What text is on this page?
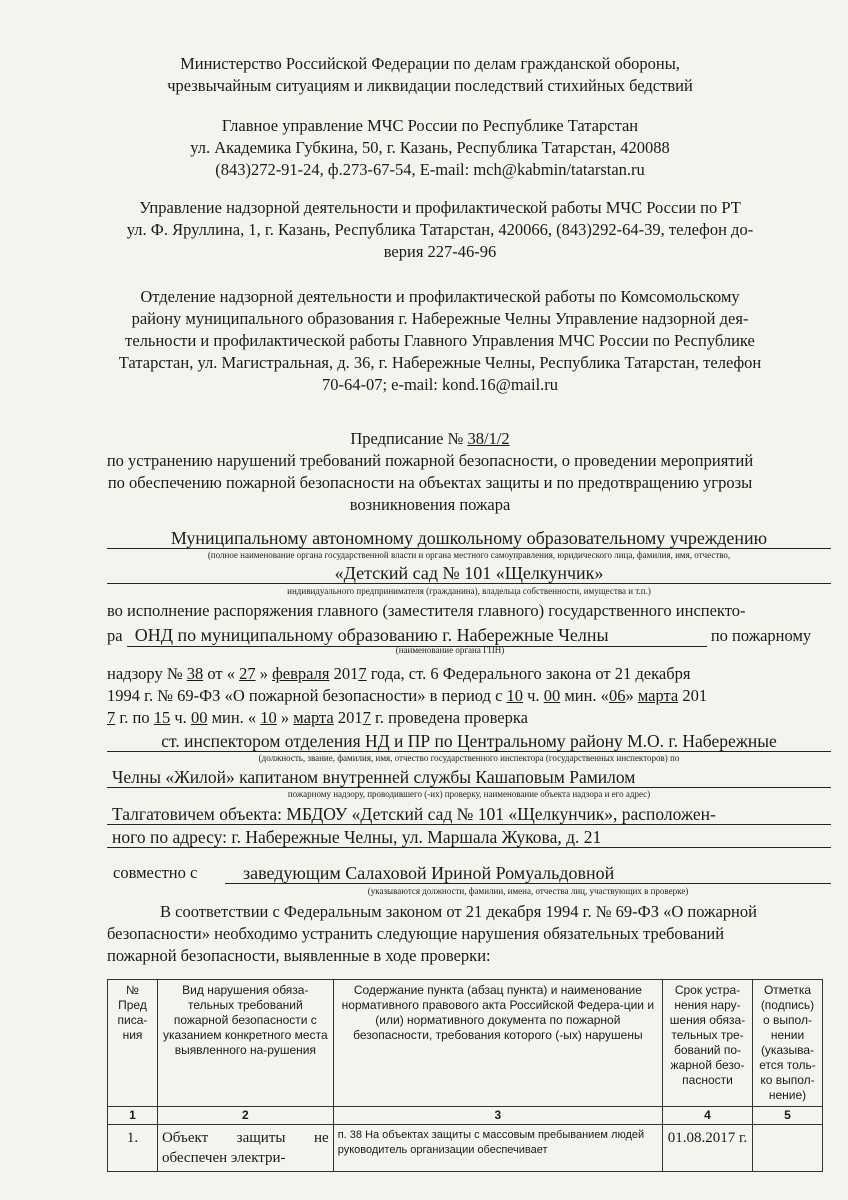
Министерство Российской Федерации по делам гражданской обороны,
чрезвычайным ситуациям и ликвидации последствий стихийных бедствий
Главное управление МЧС России по Республике Татарстан
ул. Академика Губкина, 50, г. Казань, Республика Татарстан, 420088
(843)272-91-24, ф.273-67-54, E-mail: mch@kabmin/tatarstan.ru
Управление надзорной деятельности и профилактической работы МЧС России по РТ
ул. Ф. Яруллина, 1, г. Казань, Республика Татарстан, 420066, (843)292-64-39, телефон до-
верия 227-46-96
Отделение надзорной деятельности и профилактической работы по Комсомольскому
району муниципального образования г. Набережные Челны Управление надзорной дея-
тельности и профилактической работы Главного Управления МЧС России по Республике
Татарстан, ул. Магистральная, д. 36, г. Набережные Челны, Республика Татарстан, телефон
70-64-07; e-mail: kond.16@mail.ru
Предписание № 38/1/2
по устранению нарушений требований пожарной безопасности, о проведении мероприятий
по обеспечению пожарной безопасности на объектах защиты и по предотвращению угрозы
возникновения пожара
Муниципальному автономному дошкольному образовательному учреждению
(полное наименование органа государственной власти и органа местного самоуправления, юридического лица, фамилия, имя, отчество,
«Детский сад № 101 «Щелкунчик»
индивидуального предпринимателя (гражданина), владельца собственности, имущества и т.п.)
во исполнение распоряжения главного (заместителя главного) государственного инспекто-
ра ОНД по муниципальному образованию г. Набережные Челны	по пожарному
(наименование органа ГПН)
надзору № 38 от « 27 » февраля 2017 года, ст. 6 Федерального закона от 21 декабря
1994 г. № 69-ФЗ «О пожарной безопасности» в период с 10 ч. 00 мин. «06» марта 201
7 г. по 15 ч. 00 мин. « 10 » марта 2017 г. проведена проверка
ст. инспектором отделения НД и ПР по Центральному району М.О. г. Набережные
(должность, звание, фамилия, имя, отчество государственного инспектора (государственных инспекторов) по
Челны «Жилой» капитаном внутренней службы Кашаповым Рамилом
пожарному надзору, проводившего (-их) проверку, наименование объекта надзора и его адрес)
Талгатовичем объекта: МБДОУ «Детский сад № 101 «Щелкунчик», расположен-
ного по адресу: г. Набережные Челны, ул. Маршала Жукова, д. 21
совместно с	заведующим Салаховой Ириной Ромуальдовной
(указываются должности, фамилии, имена, отчества лиц, участвующих в проверке)
В соответствии с Федеральным законом от 21 декабря 1994 г. № 69-ФЗ «О пожарной
безопасности» необходимо устранить следующие нарушения обязательных требований
пожарной безопасности, выявленные в ходе проверки:
№ Пред писа-ния	Вид нарушения обяза-тельных требований пожарной безопасности с указанием конкретного места выявленного на-рушения	Содержание пункта (абзац пункта) и наименование нормативного правового акта Российской Федера-ции и (или) нормативного документа по пожарной безопасности, требования которого (-ых) нарушены	Срок устра-нения нару-шения обяза-тельных тре-бований по-жарной безо-пасности	Отметка (подпись) о выпол-нении (указыва-ется толь-ко выпол-нение)
1	2	3	4	5
1.	Объект защиты не обеспечен электри-	п. 38 На объектах защиты с массовым пребыванием людей руководитель организации обеспечивает	01.08.2017 г.	
